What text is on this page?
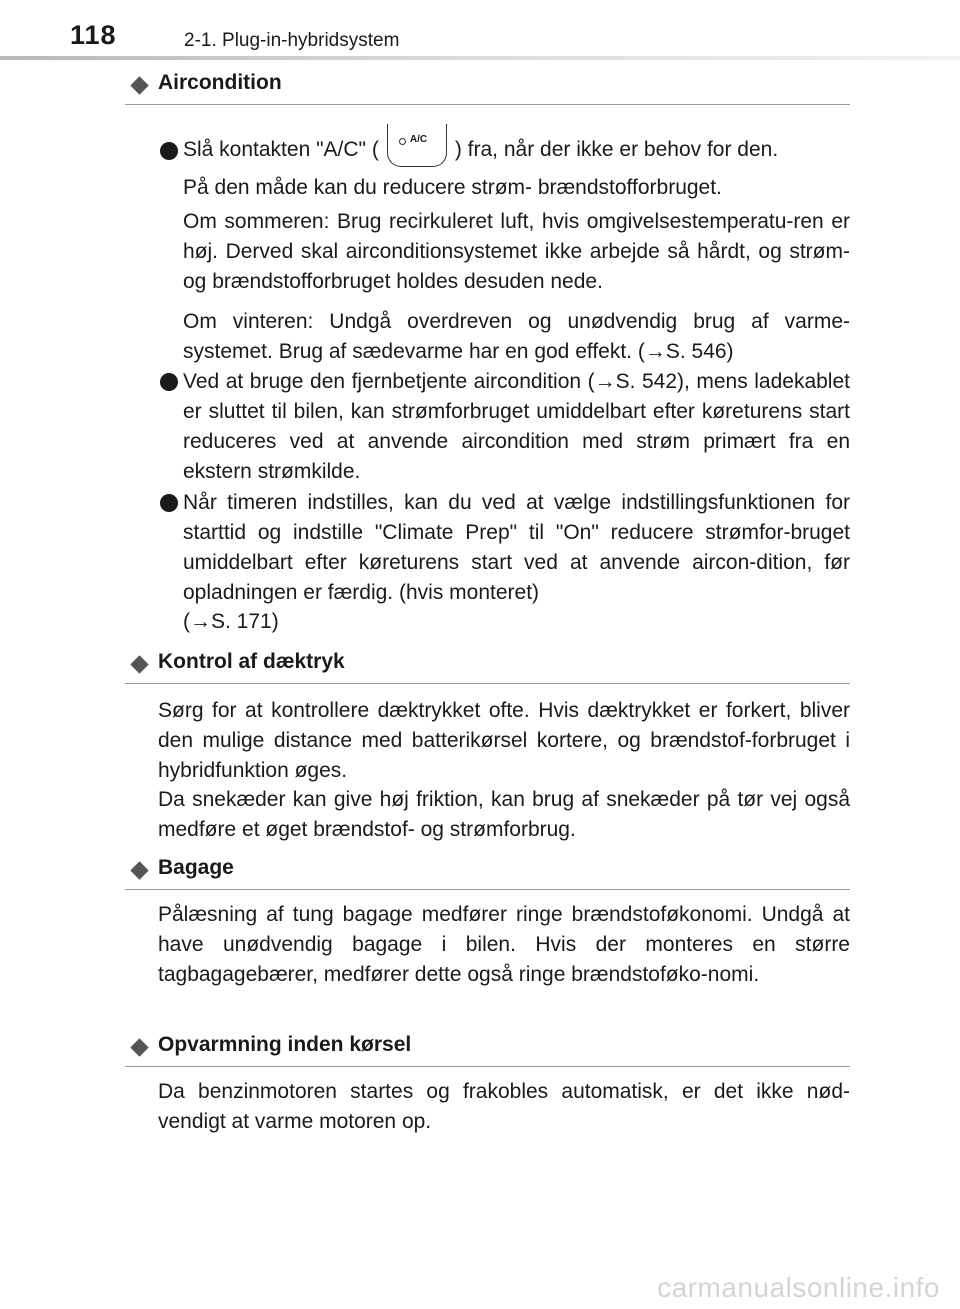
118	2-1. Plug-in-hybridsystem
Aircondition
Slå kontakten "A/C" (	A/C ) fra, når der ikke er behov for den.
På den måde kan du reducere strøm- brændstofforbruget.
Om sommeren: Brug recirkuleret luft, hvis omgivelsestemperatu-ren er høj. Derved skal airconditionsystemet ikke arbejde så hårdt, og strøm- og brændstofforbruget holdes desuden nede.
Om vinteren: Undgå overdreven og unødvendig brug af varme-systemet. Brug af sædevarme har en god effekt. (→S. 546)
Ved at bruge den fjernbetjente aircondition (→S. 542), mens ladekablet er sluttet til bilen, kan strømforbruget umiddelbart efter køreturens start reduceres ved at anvende aircondition med strøm primært fra en ekstern strømkilde.
Når timeren indstilles, kan du ved at vælge indstillingsfunktionen for starttid og indstille "Climate Prep" til "On" reducere strømfor-bruget umiddelbart efter køreturens start ved at anvende aircon-dition, før opladningen er færdig. (hvis monteret)
(→S. 171)
Kontrol af dæktryk
Sørg for at kontrollere dæktrykket ofte. Hvis dæktrykket er forkert, bliver den mulige distance med batterikørsel kortere, og brændstof-forbruget i hybridfunktion øges.
Da snekæder kan give høj friktion, kan brug af snekæder på tør vej også medføre et øget brændstof- og strømforbrug.
Bagage
Pålæsning af tung bagage medfører ringe brændstoføkonomi. Undgå at have unødvendig bagage i bilen. Hvis der monteres en større tagbagagebærer, medfører dette også ringe brændstoføko-nomi.
Opvarmning inden kørsel
Da benzinmotoren startes og frakobles automatisk, er det ikke nød-vendigt at varme motoren op.
carmanualsonline.info
